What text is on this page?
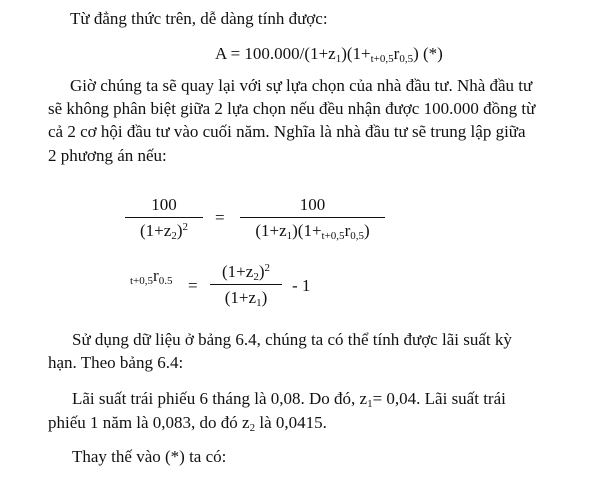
Từ đẳng thức trên, dễ dàng tính được:
$A = 100.000/(1+z_1)(1+_{t+0,5}r_{0,5})$ (*)
Giờ chúng ta sẽ quay lại với sự lựa chọn của nhà đầu tư. Nhà đầu tư
sẽ không phân biệt giữa 2 lựa chọn nếu đều nhận được 100.000 đồng từ
cả 2 cơ hội đầu tư vào cuối năm. Nghĩa là nhà đầu tư sẽ trung lập giữa
2 phương án nếu:
100
$(1+z_2)^2$	=
100
$(1+z_1)(1+_{t+0,5}r_{0,5})$
$_{t+0,5}r_{0.5}$ =
$(1+z_2)^2$
$(1+z_1)$
- 1
Sử dụng dữ liệu ở bảng 6.4, chúng ta có thể tính được lãi suất kỳ
hạn. Theo bảng 6.4:
Lãi suất trái phiếu 6 tháng là 0,08. Do đó, $z_1= 0,04$. Lãi suất trái
phiếu 1 năm là 0,083, do đó $z_2$ là 0,0415.
Thay thế vào (*) ta có:
